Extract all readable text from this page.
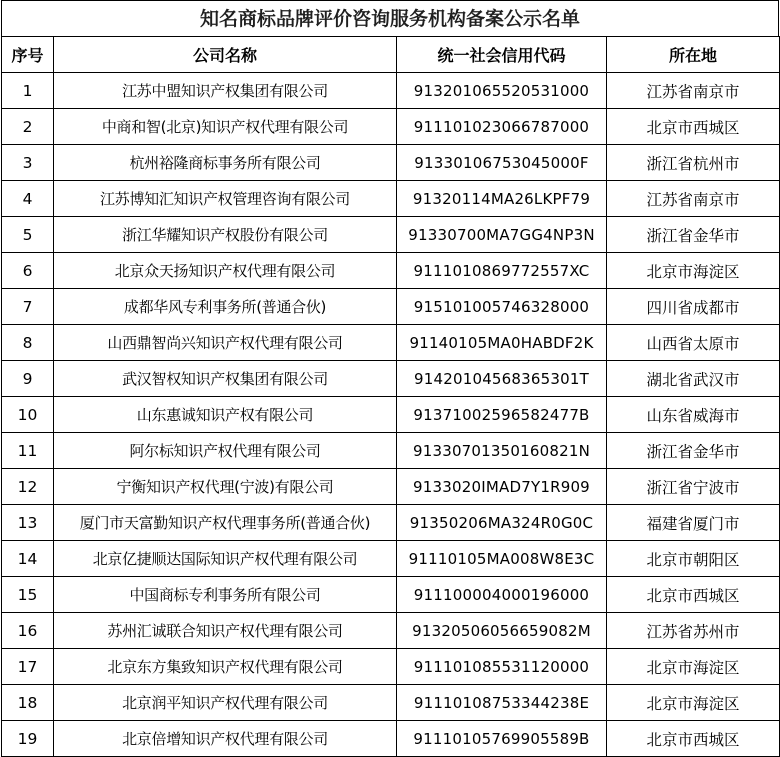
知名商标品牌评价咨询服务机构备案公示名单
序号	公司名称	统一社会信用代码	所在地
1	江苏中盟知识产权集团有限公司	913201065520531000	江苏省南京市
2	中商和智(北京)知识产权代理有限公司	911101023066787000	北京市西城区
3	杭州裕隆商标事务所有限公司	91330106753045000F	浙江省杭州市
4	江苏博知汇知识产权管理咨询有限公司	91320114MA26LKPF79	江苏省南京市
5	浙江华耀知识产权股份有限公司	91330700MA7GG4NP3N	浙江省金华市
6	北京众天扬知识产权代理有限公司	9111010869772557XC	北京市海淀区
7	成都华风专利事务所(普通合伙)	915101005746328000	四川省成都市
8	山西鼎智尚兴知识产权代理有限公司	91140105MA0HABDF2K	山西省太原市
9	武汉智权知识产权集团有限公司	91420104568365301T	湖北省武汉市
10	山东惠诚知识产权有限公司	91371002596582477B	山东省威海市
11	阿尔标知识产权代理有限公司	91330701350160821N	浙江省金华市
12	宁衡知识产权代理(宁波)有限公司	9133020IMAD7Y1R909	浙江省宁波市
13	厦门市天富勤知识产权代理事务所(普通合伙)	91350206MA324R0G0C	福建省厦门市
14	北京亿捷顺达国际知识产权代理有限公司	91110105MA008W8E3C	北京市朝阳区
15	中国商标专利事务所有限公司	911100004000196000	北京市西城区
16	苏州汇诚联合知识产权代理有限公司	91320506056659082M	江苏省苏州市
17	北京东方集致知识产权代理有限公司	911101085531120000	北京市海淀区
18	北京润平知识产权代理有限公司	91110108753344238E	北京市海淀区
19	北京倍增知识产权代理有限公司	91110105769905589B	北京市西城区
